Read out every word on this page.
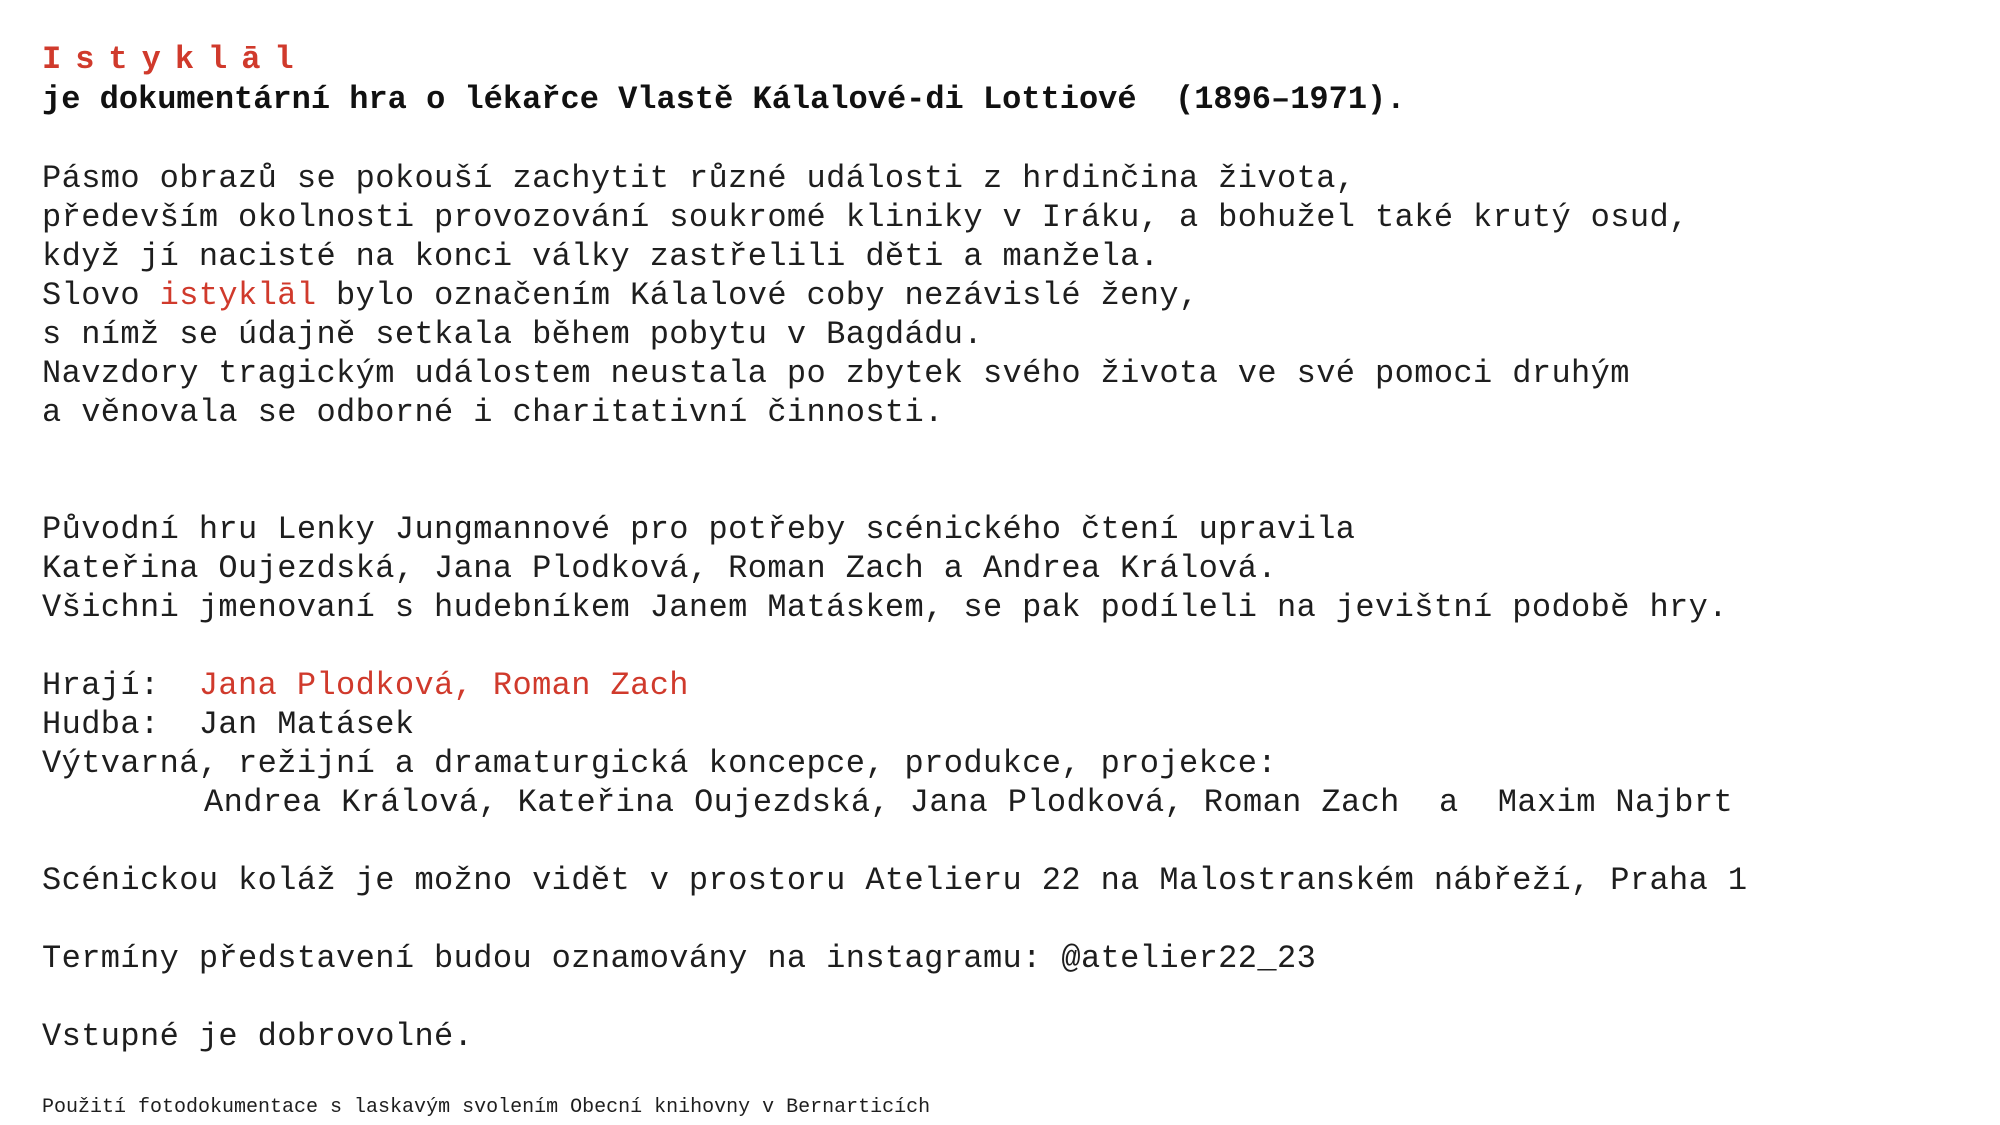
Istyklāl
je dokumentární hra o lékařce Vlastě Kálalové-di Lottiové  (1896–1971).
Pásmo obrazů se pokouší zachytit různé události z hrdinčina života,
především okolnosti provozování soukromé kliniky v Iráku, a bohužel také krutý osud,
když jí nacisté na konci války zastřelili děti a manžela.
Slovo istyklāl bylo označením Kálalové coby nezávislé ženy,
s nímž se údajně setkala během pobytu v Bagdádu.
Navzdory tragickým událostem neustala po zbytek svého života ve své pomoci druhým
a věnovala se odborné i charitativní činnosti.
Původní hru Lenky Jungmannové pro potřeby scénického čtení upravila
Kateřina Oujezdská, Jana Plodková, Roman Zach a Andrea Králová.
Všichni jmenovaní s hudebníkem Janem Matáskem, se pak podíleli na jevištní podobě hry.
Hrají:  Jana Plodková, Roman Zach
Hudba:  Jan Matásek
Výtvarná, režijní a dramaturgická koncepce, produkce, projekce:
Andrea Králová, Kateřina Oujezdská, Jana Plodková, Roman Zach  a  Maxim Najbrt
Scénickou koláž je možno vidět v prostoru Atelieru 22 na Malostranském nábřeží, Praha 1
Termíny představení budou oznamovány na instagramu: @atelier22_23
Vstupné je dobrovolné.
Použití fotodokumentace s laskavým svolením Obecní knihovny v Bernarticích
